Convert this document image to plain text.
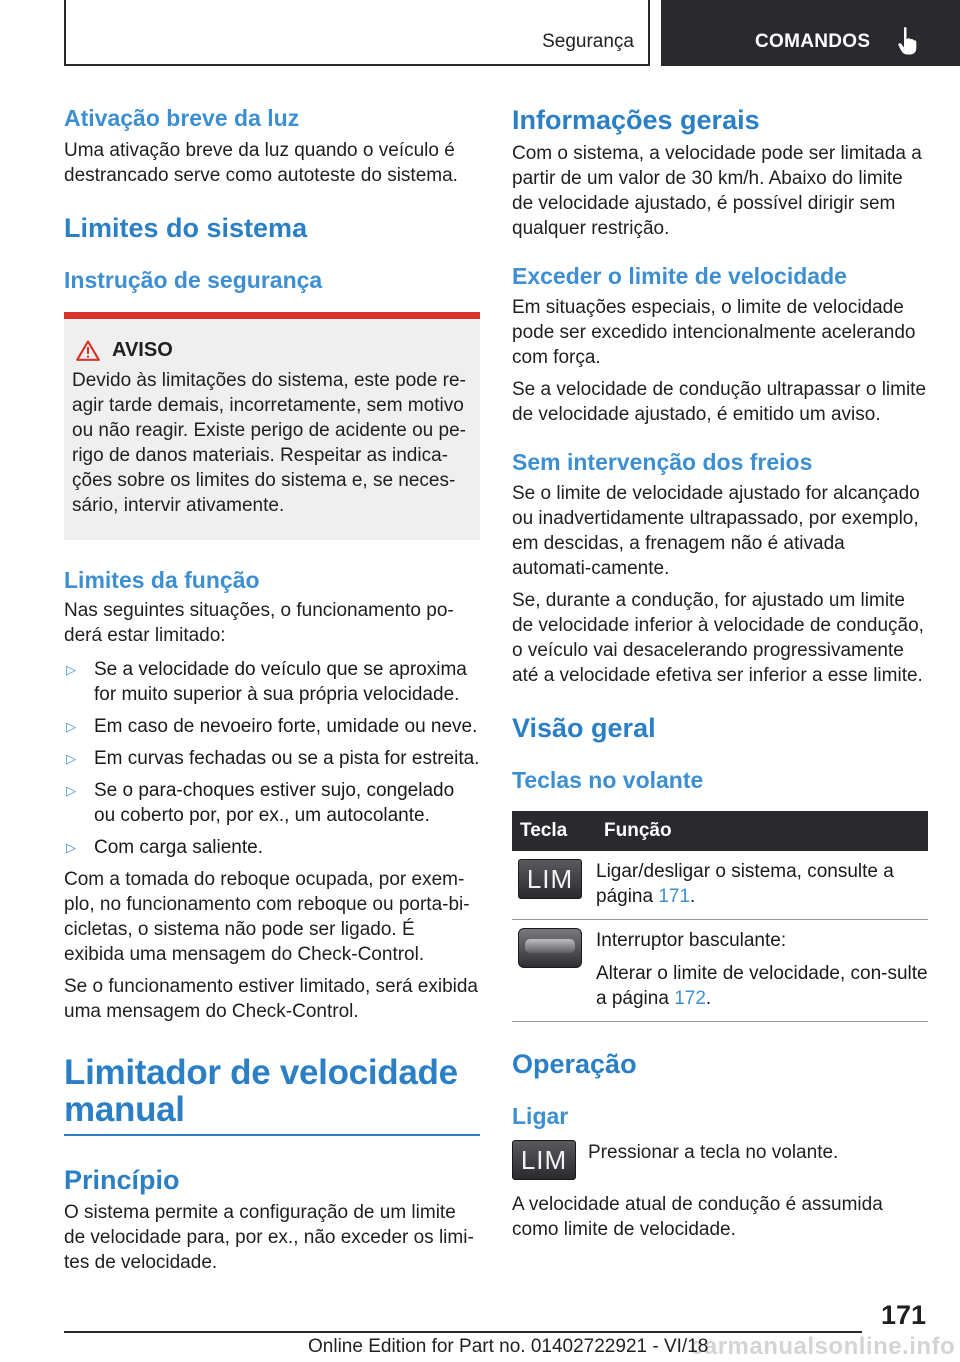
Segurança	COMANDOS
Ativação breve da luz
Uma ativação breve da luz quando o veículo é destrancado serve como autoteste do sistema.
Limites do sistema
Instrução de segurança
AVISO
Devido às limitações do sistema, este pode re-agir tarde demais, incorretamente, sem motivo ou não reagir. Existe perigo de acidente ou pe-rigo de danos materiais. Respeitar as indica-ções sobre os limites do sistema e, se neces-sário, intervir ativamente.
Limites da função
Nas seguintes situações, o funcionamento po-derá estar limitado:
▷ Se a velocidade do veículo que se aproxima for muito superior à sua própria velocidade.
▷ Em caso de nevoeiro forte, umidade ou neve.
▷ Em curvas fechadas ou se a pista for estreita.
▷ Se o para-choques estiver sujo, congelado ou coberto por, por ex., um autocolante.
▷ Com carga saliente.
Com a tomada do reboque ocupada, por exem-plo, no funcionamento com reboque ou porta-bi-cicletas, o sistema não pode ser ligado. É exibida uma mensagem do Check-Control.
Se o funcionamento estiver limitado, será exibida uma mensagem do Check-Control.
Limitador de velocidade manual
Princípio
O sistema permite a configuração de um limite de velocidade para, por ex., não exceder os limi-tes de velocidade.
Informações gerais
Com o sistema, a velocidade pode ser limitada a partir de um valor de 30 km/h. Abaixo do limite de velocidade ajustado, é possível dirigir sem qualquer restrição.
Exceder o limite de velocidade
Em situações especiais, o limite de velocidade pode ser excedido intencionalmente acelerando com força.
Se a velocidade de condução ultrapassar o limite de velocidade ajustado, é emitido um aviso.
Sem intervenção dos freios
Se o limite de velocidade ajustado for alcançado ou inadvertidamente ultrapassado, por exemplo, em descidas, a frenagem não é ativada automati-camente.
Se, durante a condução, for ajustado um limite de velocidade inferior à velocidade de condução, o veículo vai desacelerando progressivamente até a velocidade efetiva ser inferior a esse limite.
Visão geral
Teclas no volante
Tecla	Função

LIM	Ligar/desligar o sistema, consulte a página 171.

	Interruptor basculante:
Alterar o limite de velocidade, con-sulte a página 172.
Operação
Ligar
LIM	Pressionar a tecla no volante.
A velocidade atual de condução é assumida como limite de velocidade.
171
carmanualsonline.info
Online Edition for Part no. 01402722921 - VI/18
